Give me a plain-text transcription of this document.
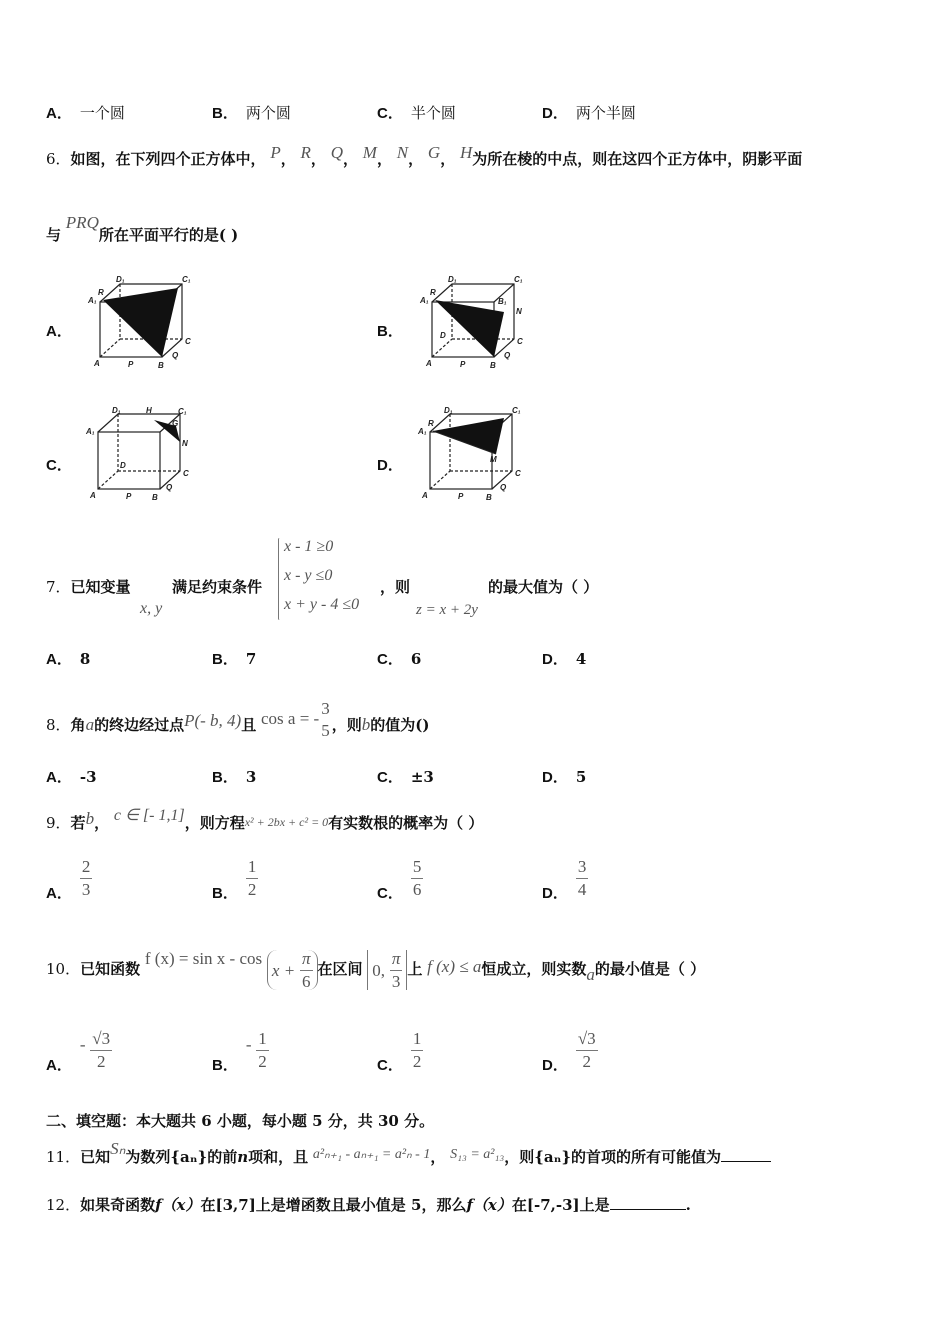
A． 一个圆	B． 两个圆	C． 半个圆	D． 两个半圆
6．如图，在下列四个正方体中， P， R， Q， M， N， G， H为所在棱的中点，则在这四个正方体中，阴影平面
与 PRQ所在平面平行的是( )
A．	B．
C．	D．
D₁	C₁
A₁
R
C
A	P	B
Q
D₁	C₁
A₁
R
B₁
N
D
C
A	P	B
Q
D₁	H	C₁
A₁
G
N
D
C
A	P	B
Q
D₁	C₁
A₁
R
M
C
A	P	B
Q
7．已知变量
x, y
满足约束条件
x - 1 ≥0
x - y ≤0
x + y - 4 ≤0
，则
z = x + 2y
的最大值为（ ）
A． 8	B． 7	C． 6	D． 4
8．角a的终边经过点P(- b, 4)且 cos a = -
3
5 ，则b的值为()
A． -3	B． 3	C． ±3	D． 5
9．若b， c ∈ [- 1,1]，则方程x² + 2bx + c² = 0有实数根的概率为（ ）
A． $\frac{2}{3}$	B． $\frac{1}{2}$	C． $\frac{5}{6}$	D． $\frac{3}{4}$
10．已知函数 f $(x) = \sin x - \cos x + \frac{\pi}{6}$ 在区间 0, $\frac{\pi}{3}$ 上 f (x) ≤ a恒成立，则实数a的最小值是（ ）
A．- $\frac{√3}{2}$	B．- $\frac{1}{2}$	C． $\frac{1}{2}$	D． $\frac{√3}{2}$
二、填空题：本大题共 6 小题，每小题 5 分，共 30 分。
11．已知Sₙ为数列{aₙ}的前n项和，且 a²ₙ₊₁ - aₙ₊₁ = a²ₙ - 1， S₁₃ = a²₁₃，则{aₙ}的首项的所有可能值为
12．如果奇函数f（x）在[3,7]上是增函数且最小值是 5，那么f（x）在[-7,-3]上是	.
